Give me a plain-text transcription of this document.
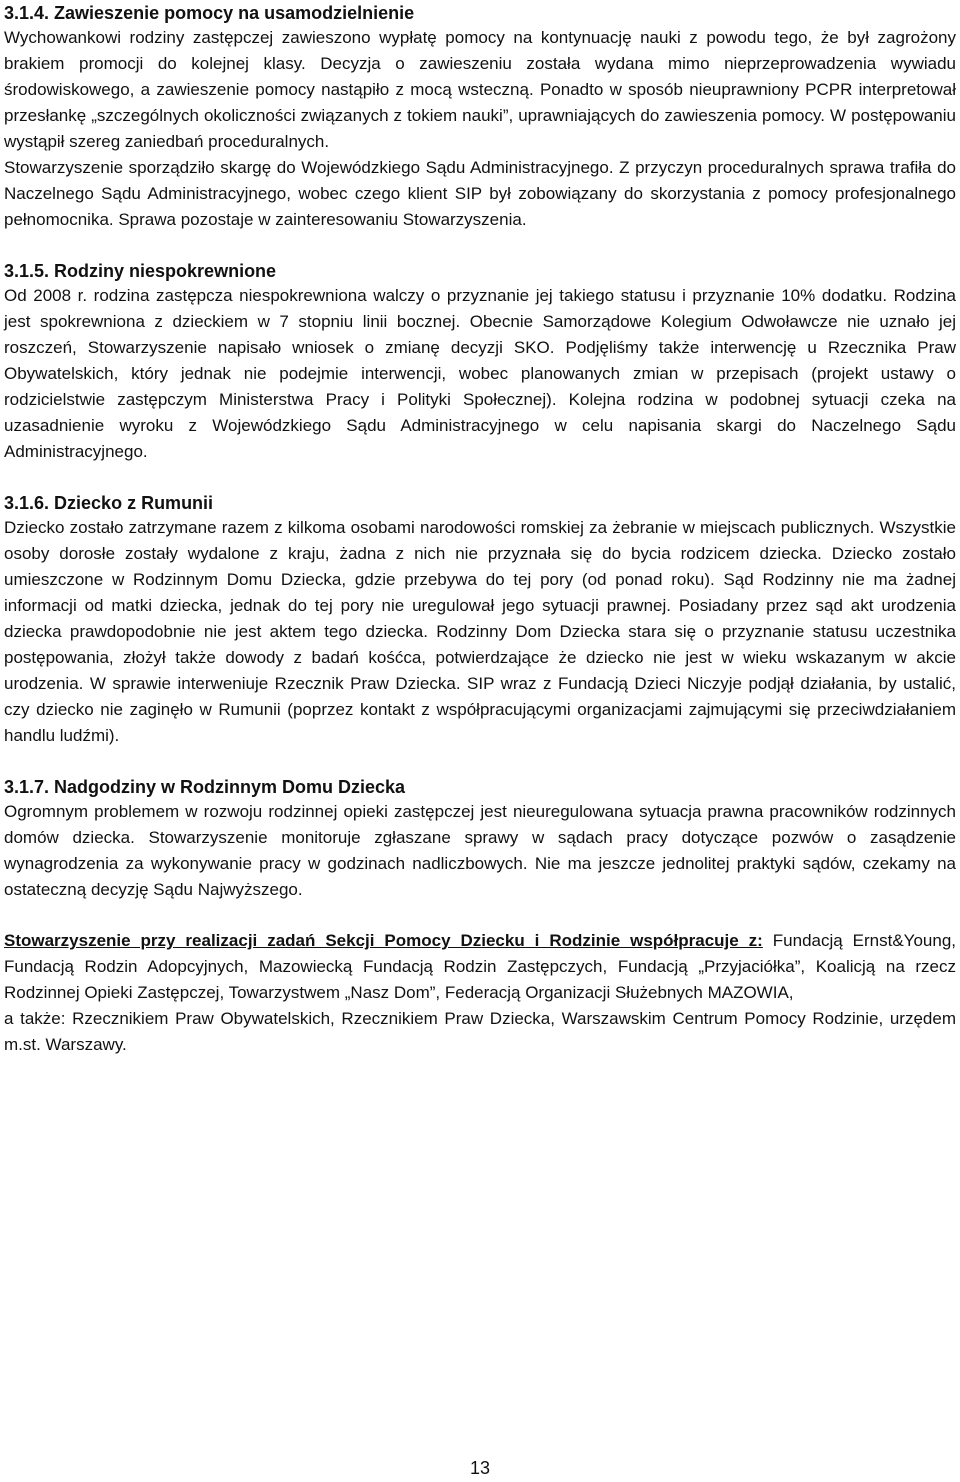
3.1.4. Zawieszenie pomocy na usamodzielnienie

Wychowankowi rodziny zastępczej zawieszono wypłatę pomocy na kontynuację nauki z powodu tego, że był zagrożony brakiem promocji do kolejnej klasy. Decyzja o zawieszeniu została wydana mimo nieprzeprowadzenia wywiadu środowiskowego, a zawieszenie pomocy nastąpiło z mocą wsteczną. Ponadto w sposób nieuprawniony PCPR interpretował przesłankę „szczególnych okoliczności związanych z tokiem nauki”, uprawniających do zawieszenia pomocy. W postępowaniu wystąpił szereg zaniedbań proceduralnych.

Stowarzyszenie sporządziło skargę do Wojewódzkiego Sądu Administracyjnego. Z przyczyn proceduralnych sprawa trafiła do Naczelnego Sądu Administracyjnego, wobec czego klient SIP był zobowiązany do skorzystania z pomocy profesjonalnego pełnomocnika. Sprawa pozostaje w zainteresowaniu Stowarzyszenia.

3.1.5. Rodziny niespokrewnione

Od 2008 r. rodzina zastępcza niespokrewniona walczy o przyznanie jej takiego statusu i przyznanie 10% dodatku. Rodzina jest spokrewniona z dzieckiem w 7 stopniu linii bocznej. Obecnie Samorządowe Kolegium Odwoławcze nie uznało jej roszczeń, Stowarzyszenie napisało wniosek o zmianę decyzji SKO. Podjęliśmy także interwencję u Rzecznika Praw Obywatelskich, który jednak nie podejmie interwencji, wobec planowanych zmian w przepisach (projekt ustawy o rodzicielstwie zastępczym Ministerstwa Pracy i Polityki Społecznej). Kolejna rodzina w podobnej sytuacji czeka na uzasadnienie wyroku z Wojewódzkiego Sądu Administracyjnego w celu napisania skargi do Naczelnego Sądu Administracyjnego.

3.1.6. Dziecko z Rumunii

Dziecko zostało zatrzymane razem z kilkoma osobami narodowości romskiej za żebranie w miejscach publicznych. Wszystkie osoby dorosłe zostały wydalone z kraju, żadna z nich nie przyznała się do bycia rodzicem dziecka. Dziecko zostało umieszczone w Rodzinnym Domu Dziecka, gdzie przebywa do tej pory (od ponad roku). Sąd Rodzinny nie ma żadnej informacji od matki dziecka, jednak do tej pory nie uregulował jego sytuacji prawnej. Posiadany przez sąd akt urodzenia dziecka prawdopodobnie nie jest aktem tego dziecka. Rodzinny Dom Dziecka stara się o przyznanie statusu uczestnika postępowania, złożył także dowody z badań kośćca, potwierdzające że dziecko nie jest w wieku wskazanym w akcie urodzenia. W sprawie interweniuje Rzecznik Praw Dziecka. SIP wraz z Fundacją Dzieci Niczyje podjął działania, by ustalić, czy dziecko nie zaginęło w Rumunii (poprzez kontakt z współpracującymi organizacjami zajmującymi się przeciwdziałaniem handlu ludźmi).

3.1.7. Nadgodziny w Rodzinnym Domu Dziecka

Ogromnym problemem w rozwoju rodzinnej opieki zastępczej jest nieuregulowana sytuacja prawna pracowników rodzinnych domów dziecka. Stowarzyszenie monitoruje zgłaszane sprawy w sądach pracy dotyczące pozwów o zasądzenie wynagrodzenia za wykonywanie pracy w godzinach nadliczbowych. Nie ma jeszcze jednolitej praktyki sądów, czekamy na ostateczną decyzję Sądu Najwyższego.

Stowarzyszenie przy realizacji zadań Sekcji Pomocy Dziecku i Rodzinie współpracuje z: Fundacją Ernst&Young, Fundacją Rodzin Adopcyjnych, Mazowiecką Fundacją Rodzin Zastępczych, Fundacją „Przyjaciółka”, Koalicją na rzecz Rodzinnej Opieki Zastępczej, Towarzystwem „Nasz Dom”, Federacją Organizacji Służebnych MAZOWIA,

a także: Rzecznikiem Praw Obywatelskich, Rzecznikiem Praw Dziecka, Warszawskim Centrum Pomocy Rodzinie, urzędem m.st. Warszawy.

13
